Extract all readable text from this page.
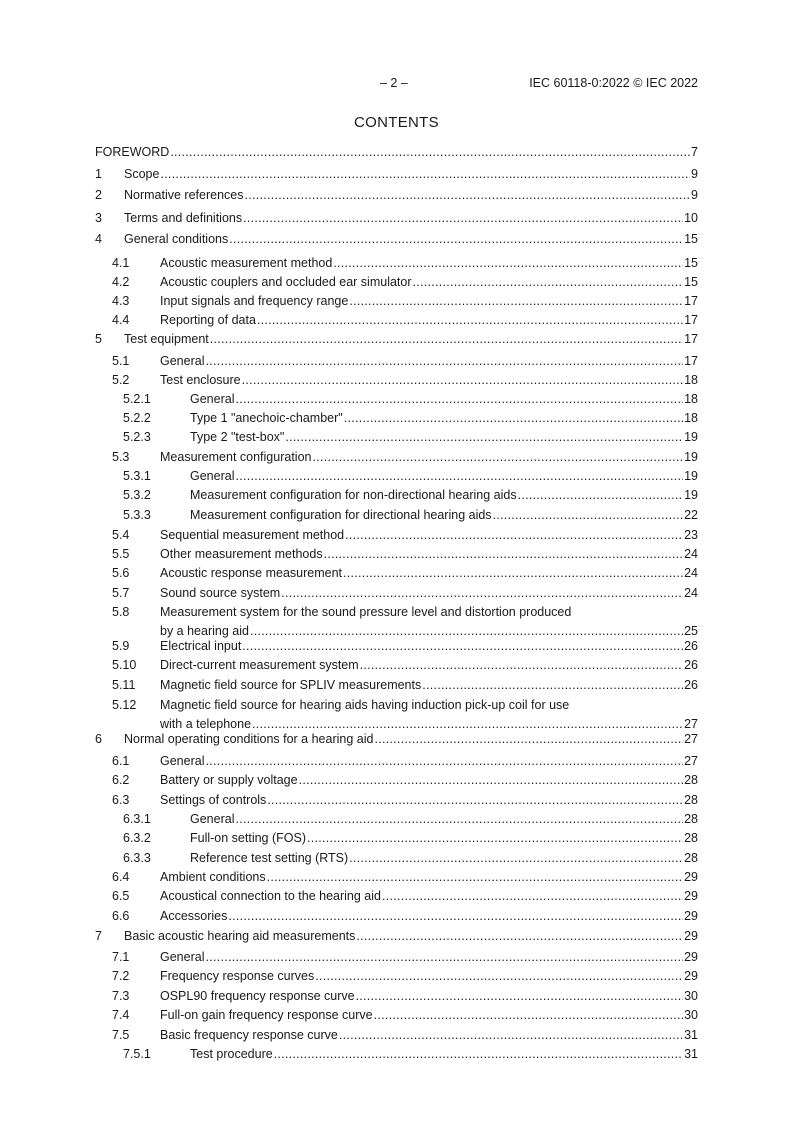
– 2 –	IEC 60118-0:2022 © IEC 2022
CONTENTS
FOREWORD . . .	7
1 Scope . . .	9
2 Normative references . . .	9
3 Terms and definitions . . .	10
4 General conditions . . .	15
4.1 Acoustic measurement method . . .	15
4.2 Acoustic couplers and occluded ear simulator . . .	15
4.3 Input signals and frequency range . . .	17
4.4 Reporting of data . . .	17
5 Test equipment . . .	17
5.1 General . . .	17
5.2 Test enclosure . . .	18
5.2.1	General . . .	18
5.2.2	Type 1 "anechoic-chamber" . . .	18
5.2.3	Type 2 "test-box" . . .	19
5.3 Measurement configuration . . .	19
5.3.1	General . . .	19
5.3.2	Measurement configuration for non-directional hearing aids . . .	19
5.3.3	Measurement configuration for directional hearing aids . . .	22
5.4 Sequential measurement method . . .	23
5.5 Other measurement methods . . .	24
5.6 Acoustic response measurement . . .	24
5.7 Sound source system . . .	24
5.8 Measurement system for the sound pressure level and distortion produced
by a hearing aid . . .	25
5.9 Electrical input . . .	26
5.10 Direct-current measurement system . . .	26
5.11 Magnetic field source for SPLIV measurements . . .	26
5.12 Magnetic field source for hearing aids having induction pick-up coil for use
with a telephone . . .	27
6 Normal operating conditions for a hearing aid . . .	27
6.1 General . . .	27
6.2 Battery or supply voltage . . .	28
6.3 Settings of controls . . .	28
6.3.1	General . . .	28
6.3.2	Full-on setting (FOS) . . .	28
6.3.3	Reference test setting (RTS) . . .	28
6.4 Ambient conditions . . .	29
6.5 Acoustical connection to the hearing aid . . .	29
6.6 Accessories . . .	29
7 Basic acoustic hearing aid measurements . . .	29
7.1 General . . .	29
7.2 Frequency response curves . . .	29
7.3 OSPL90 frequency response curve . . .	30
7.4 Full-on gain frequency response curve . . .	30
7.5 Basic frequency response curve . . .	31
7.5.1	Test procedure . . .	31
